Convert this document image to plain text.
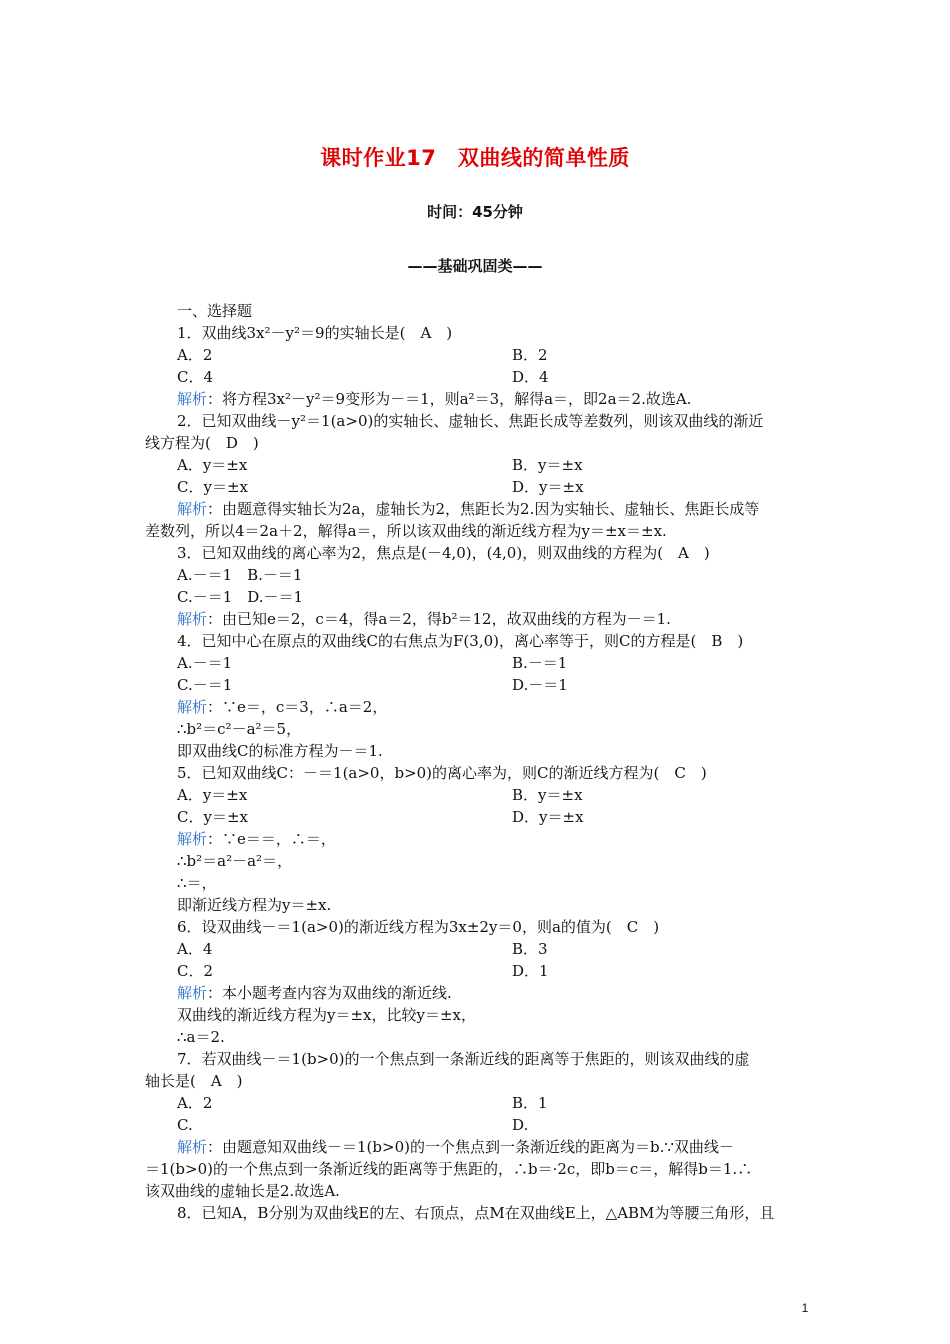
课时作业17　双曲线的简单性质
时间：45分钟
——基础巩固类——
一、选择题
1．双曲线3x²－y²＝9的实轴长是(　A　)
A．2	B．2
C．4	D．4
解析：将方程3x²－y²＝9变形为－＝1，则a²＝3，解得a＝，即2a＝2.故选A.
2．已知双曲线－y²＝1(a>0)的实轴长、虚轴长、焦距长成等差数列，则该双曲线的渐近
线方程为(　D　)
A．y＝±x	B．y＝±x
C．y＝±x	D．y＝±x
解析：由题意得实轴长为2a，虚轴长为2，焦距长为2.因为实轴长、虚轴长、焦距长成等
差数列，所以4＝2a＋2，解得a＝，所以该双曲线的渐近线方程为y＝±x＝±x.
3．已知双曲线的离心率为2，焦点是(－4,0)，(4,0)，则双曲线的方程为(　A　)
A.－＝1　B.－＝1
C.－＝1　D.－＝1
解析：由已知e＝2，c＝4，得a＝2，得b²＝12，故双曲线的方程为－＝1.
4．已知中心在原点的双曲线C的右焦点为F(3,0)，离心率等于，则C的方程是(　B　)
A.－＝1	B.－＝1
C.－＝1	D.－＝1
解析：∵e＝，c＝3，∴a＝2，
∴b²＝c²－a²＝5，
即双曲线C的标准方程为－＝1.
5．已知双曲线C：－＝1(a>0，b>0)的离心率为，则C的渐近线方程为(　C　)
A．y＝±x	B．y＝±x
C．y＝±x	D．y＝±x
解析：∵e＝＝，∴＝，
∴b²＝a²－a²＝，
∴＝，
即渐近线方程为y＝±x.
6．设双曲线－＝1(a>0)的渐近线方程为3x±2y＝0，则a的值为(　C　)
A．4	B．3
C．2	D．1
解析：本小题考查内容为双曲线的渐近线.
双曲线的渐近线方程为y＝±x，比较y＝±x，
∴a＝2.
7．若双曲线－＝1(b>0)的一个焦点到一条渐近线的距离等于焦距的，则该双曲线的虚
轴长是(　A　)
A．2	B．1
C.	D.
解析：由题意知双曲线－＝1(b>0)的一个焦点到一条渐近线的距离为＝b.∵双曲线－
＝1(b>0)的一个焦点到一条渐近线的距离等于焦距的，∴b＝·2c，即b＝c＝，解得b＝1.∴
该双曲线的虚轴长是2.故选A.
8．已知A，B分别为双曲线E的左、右顶点，点M在双曲线E上，△ABM为等腰三角形，且
1
